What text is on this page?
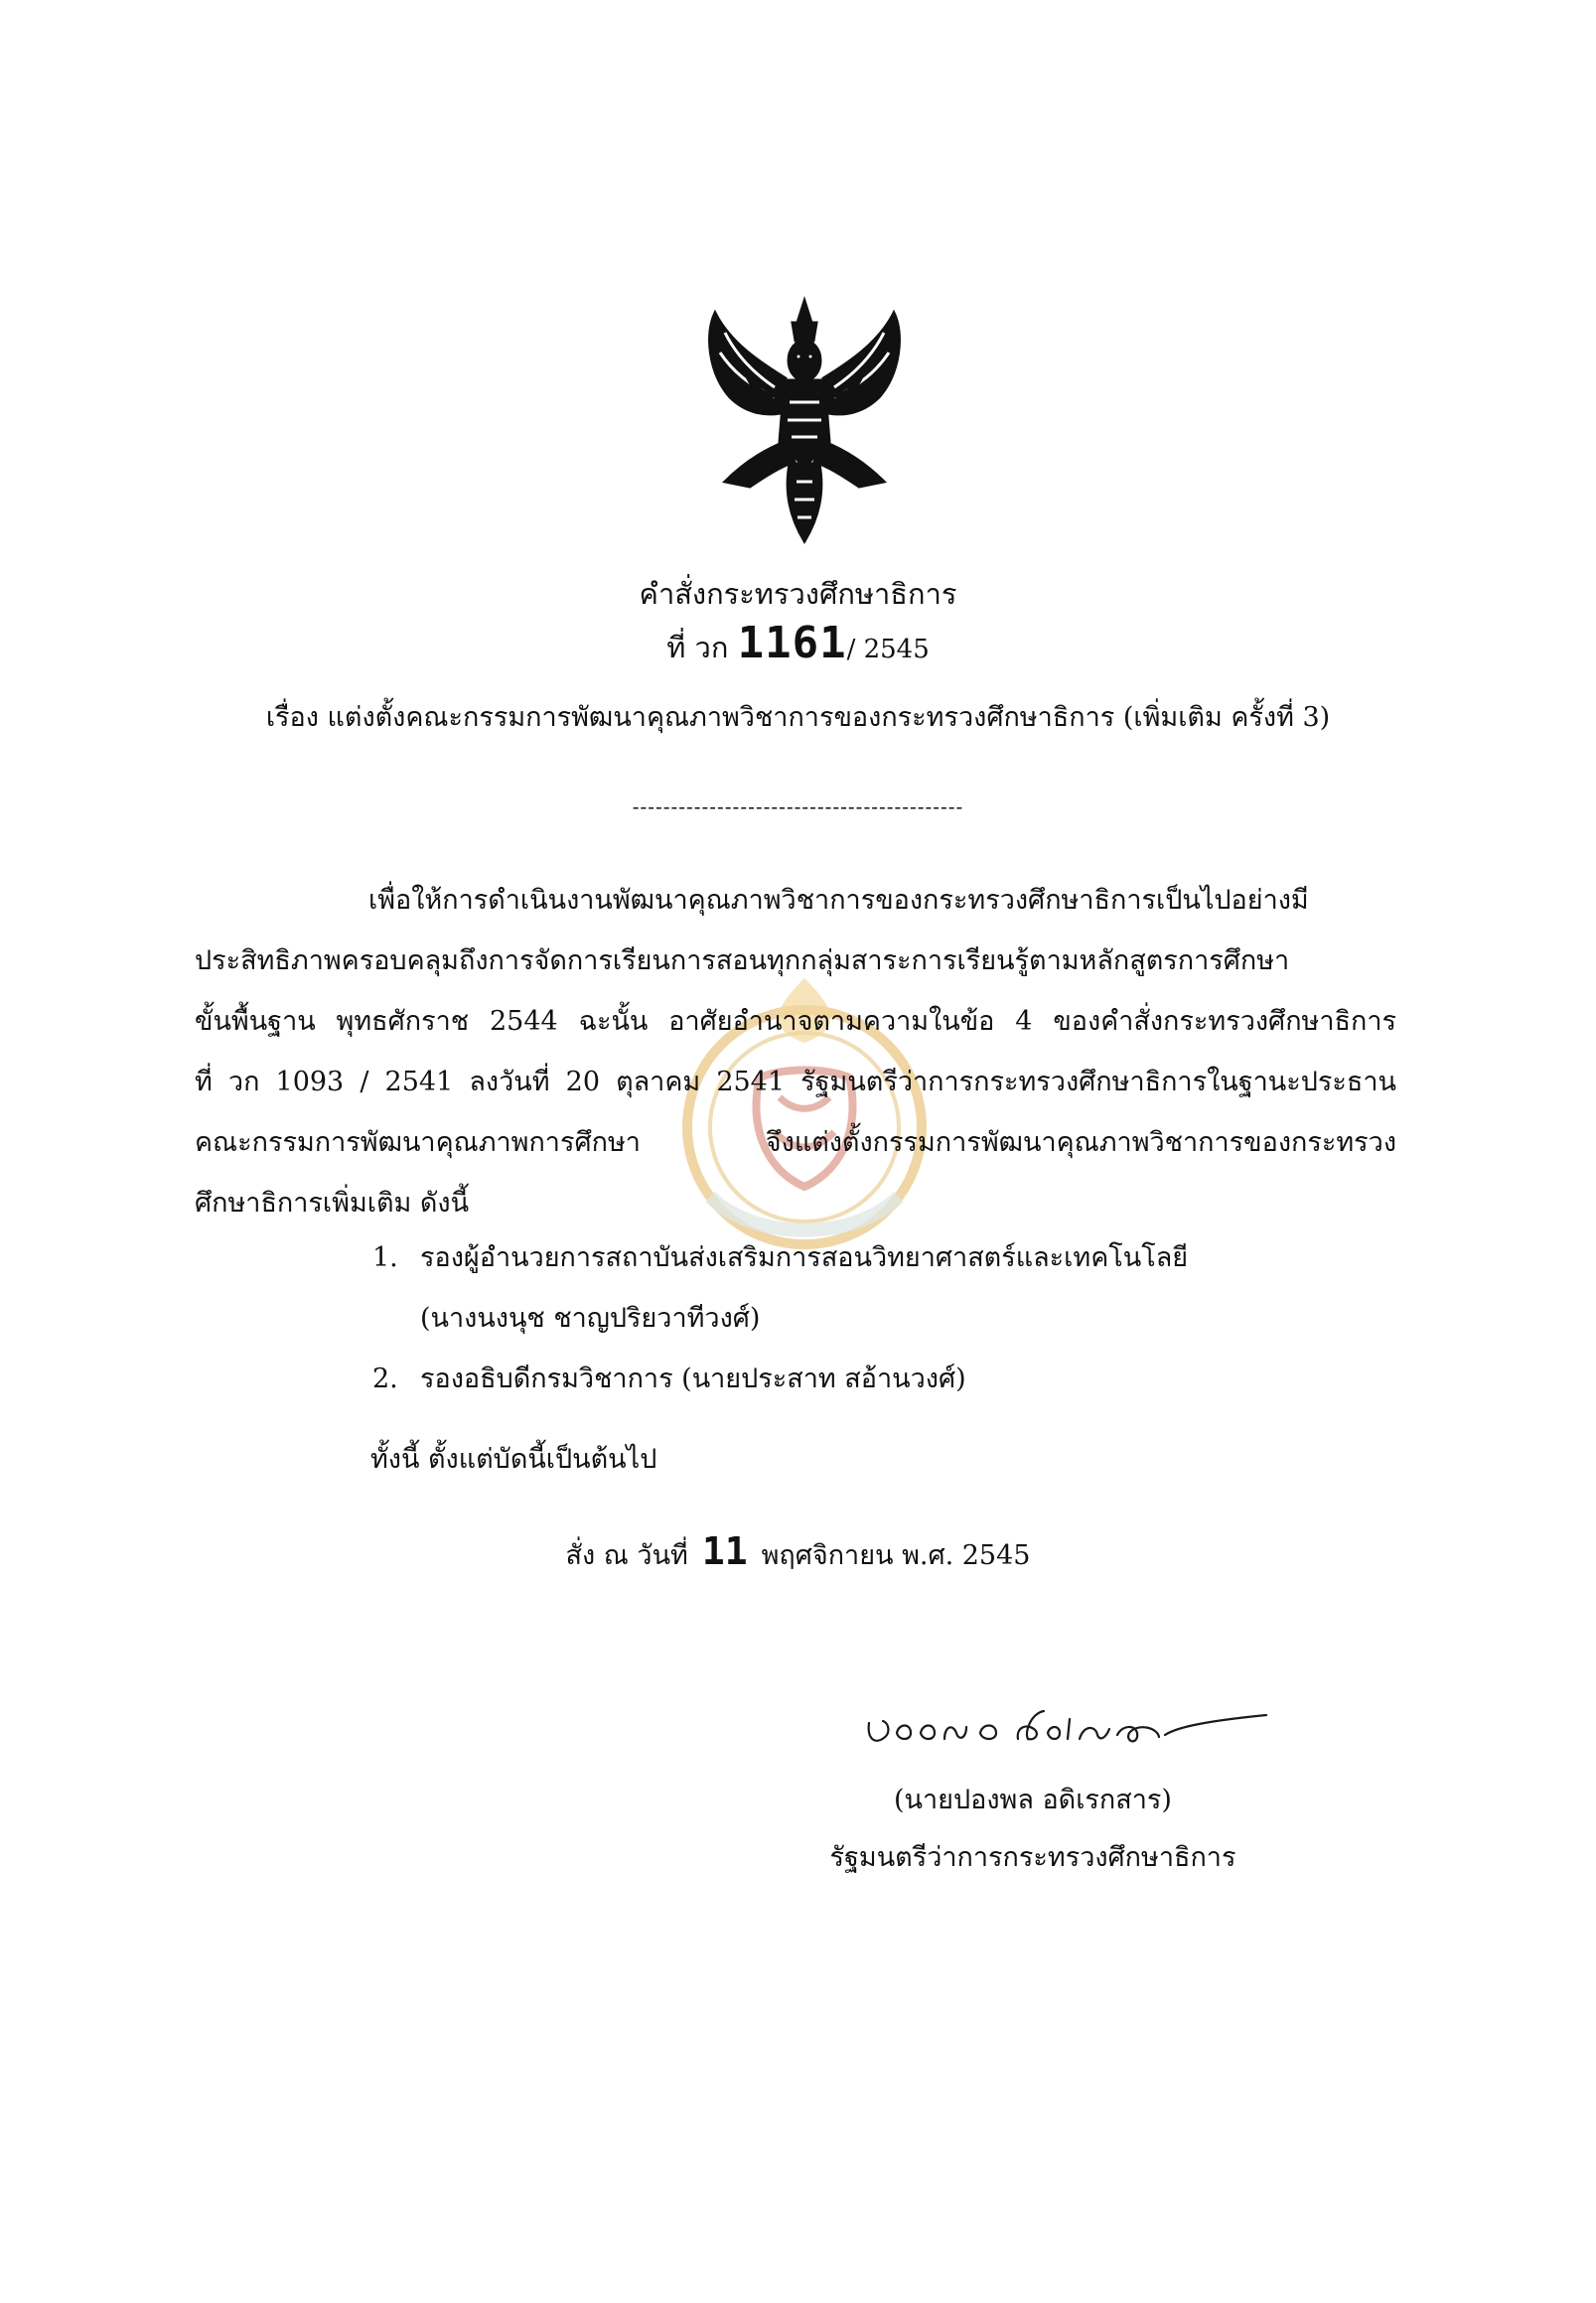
คำสั่งกระทรวงศึกษาธิการ
ที่ วก 1161/ 2545
เรื่อง แต่งตั้งคณะกรรมการพัฒนาคุณภาพวิชาการของกระทรวงศึกษาธิการ (เพิ่มเติม ครั้งที่ 3)
-------------------------------------------
เพื่อให้การดำเนินงานพัฒนาคุณภาพวิชาการของกระทรวงศึกษาธิการเป็นไปอย่างมี
ประสิทธิภาพครอบคลุมถึงการจัดการเรียนการสอนทุกกลุ่มสาระการเรียนรู้ตามหลักสูตรการศึกษา
ขั้นพื้นฐาน พุทธศักราช 2544 ฉะนั้น อาศัยอำนาจตามความในข้อ 4 ของคำสั่งกระทรวงศึกษาธิการ
ที่ วก 1093 / 2541 ลงวันที่ 20 ตุลาคม 2541 รัฐมนตรีว่าการกระทรวงศึกษาธิการในฐานะประธาน
คณะกรรมการพัฒนาคุณภาพการศึกษา จึงแต่งตั้งกรรมการพัฒนาคุณภาพวิชาการของกระทรวง
ศึกษาธิการเพิ่มเติม ดังนี้
1. รองผู้อำนวยการสถาบันส่งเสริมการสอนวิทยาศาสตร์และเทคโนโลยี
(นางนงนุช ชาญปริยวาทีวงศ์)
2. รองอธิบดีกรมวิชาการ (นายประสาท สอ้านวงศ์)
ทั้งนี้ ตั้งแต่บัดนี้เป็นต้นไป
สั่ง ณ วันที่ 11 พฤศจิกายน พ.ศ. 2545
(นายปองพล อดิเรกสาร)
รัฐมนตรีว่าการกระทรวงศึกษาธิการ
